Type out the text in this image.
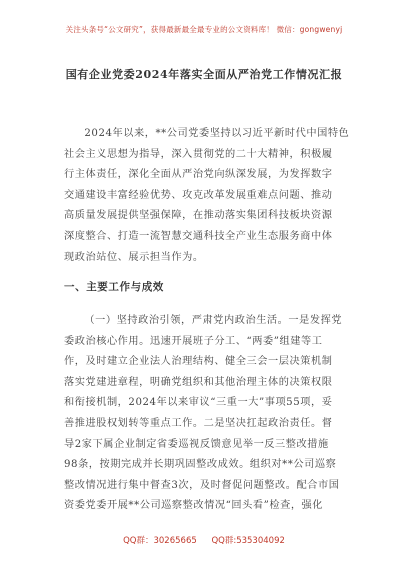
关注头条号“公文研究”，获得最新最全最专业的公文资料库！ 微信：gongwenyj
国有企业党委2024年落实全面从严治党工作情况汇报

2024年以来，**公司党委坚持以习近平新时代中国特色
社会主义思想为指导，深入贯彻党的二十大精神，积极履
行主体责任，深化全面从严治党向纵深发展，为发挥数字
交通建设丰富经验优势、攻克改革发展重难点问题、推动
高质量发展提供坚强保障，在推动落实集团科技板块资源
深度整合、打造一流智慧交通科技全产业生态服务商中体
现政治站位、展示担当作为。

一、主要工作与成效

（一）坚持政治引领，严肃党内政治生活。一是发挥党
委政治核心作用。迅速开展班子分工、“两委”组建等工
作，及时建立企业法人治理结构、健全三会一层决策机制
落实党建进章程，明确党组织和其他治理主体的决策权限
和衔接机制，2024年以来审议“三重一大”事项55项，妥
善推进股权划转等重点工作。二是坚决扛起政治责任。督
导2家下属企业制定省委巡视反馈意见举一反三整改措施
98条，按期完成并长期巩固整改成效。组织对**公司巡察
整改情况进行集中督查3次，及时督促问题整改。配合市国
资委党委开展**公司巡察整改情况“回头看”检查，强化

QQ群：30265665 QQ群:535304092
